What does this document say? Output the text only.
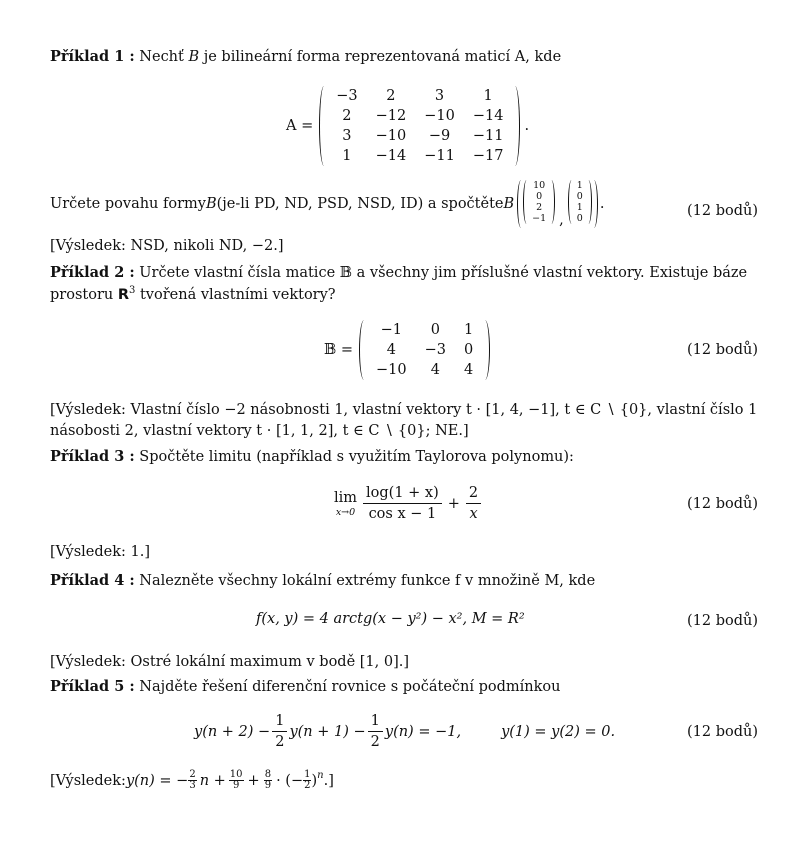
Příklad 1 : Nechť B je bilineární forma reprezentovaná maticí A, kde
A =
−3	2	3	1
2	−12	−10	−14
3	−10	−9	−11
1	−14	−11	−17
.
Určete povahu formy B (je-li PD, ND, PSD, NSD, ID) a spočtěte B
10
0
2
−1 ,
1
0
1
0
.	(12 bodů)
[Výsledek: NSD, nikoli ND, −2.]
Příklad 2 : Určete vlastní čísla matice 𝔹 a všechny jim příslušné vlastní vektory. Existuje báze
prostoru $R^3$ tvořená vlastními vektory?
𝔹 =
−1	0	1
4	−3	0
−10	4	4
(12 bodů)
[Výsledek: Vlastní číslo −2 násobnosti 1, vlastní vektory t · [1, 4, −1], t ∈ C ∖ {0}, vlastní číslo 1
násobosti 2, vlastní vektory t · [1, 1, 2], t ∈ C ∖ {0}; NE.]
Příklad 3 : Spočtěte limitu (například s využitím Taylorova polynomu):
lim
$x\to 0 \frac{\log(1 + x)}{\text{cos x − 1}} + \frac{2}{x}$	(12 bodů)
[Výsledek: 1.]
Příklad 4 : Nalezněte všechny lokální extrémy funkce f v množině M, kde
f(x, y) = 4 arctg(x − y²) − x², M = R²	(12 bodů)
[Výsledek: Ostré lokální maximum v bodě [1, 0].]
Příklad 5 : Najděte řešení diferenční rovnice s počáteční podmínkou
$y(n + 2) - \frac{1}{2} y(n + 1) - \frac{1}{2} y(n) = -1$,	y(1) = y(2) = 0.	(12 bodů)
[Výsledek: y(n) = − $\frac{2}{3}$ $n + \frac{10}{9} + \frac{8}{9}$ · (− $\frac{1}{2} )^n$ .]
